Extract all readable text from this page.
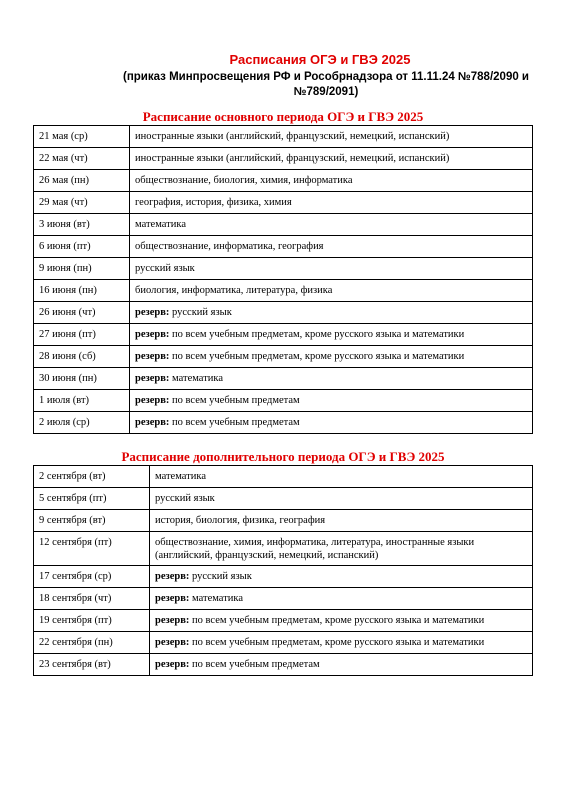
Расписания ОГЭ и ГВЭ 2025
(приказ Минпросвещения РФ и Рособрнадзора от 11.11.24 №788/2090 и №789/2091)
Расписание основного периода ОГЭ и ГВЭ 2025
21 мая (ср)	иностранные языки (английский, французский, немецкий, испанский)
22 мая (чт)	иностранные языки (английский, французский, немецкий, испанский)
26 мая (пн)	обществознание, биология, химия, информатика
29 мая (чт)	география, история, физика, химия
3 июня (вт)	математика
6 июня (пт)	обществознание, информатика, география
9 июня (пн)	русский язык
16 июня (пн)	биология, информатика, литература, физика
26 июня (чт)	резерв: русский язык
27 июня (пт)	резерв: по всем учебным предметам, кроме русского языка и математики
28 июня (сб)	резерв: по всем учебным предметам, кроме русского языка и математики
30 июня (пн)	резерв: математика
1 июля (вт)	резерв: по всем учебным предметам
2 июля (ср)	резерв: по всем учебным предметам
Расписание дополнительного периода ОГЭ и ГВЭ 2025
2 сентября (вт)	математика
5 сентября (пт)	русский язык
9 сентября (вт)	история, биология, физика, география
12 сентября (пт)	обществознание, химия, информатика, литература, иностранные языки (английский, французский, немецкий, испанский)
17 сентября (ср)	резерв: русский язык
18 сентября (чт)	резерв: математика
19 сентября (пт)	резерв: по всем учебным предметам, кроме русского языка и математики
22 сентября (пн)	резерв: по всем учебным предметам, кроме русского языка и математики
23 сентября (вт)	резерв: по всем учебным предметам
